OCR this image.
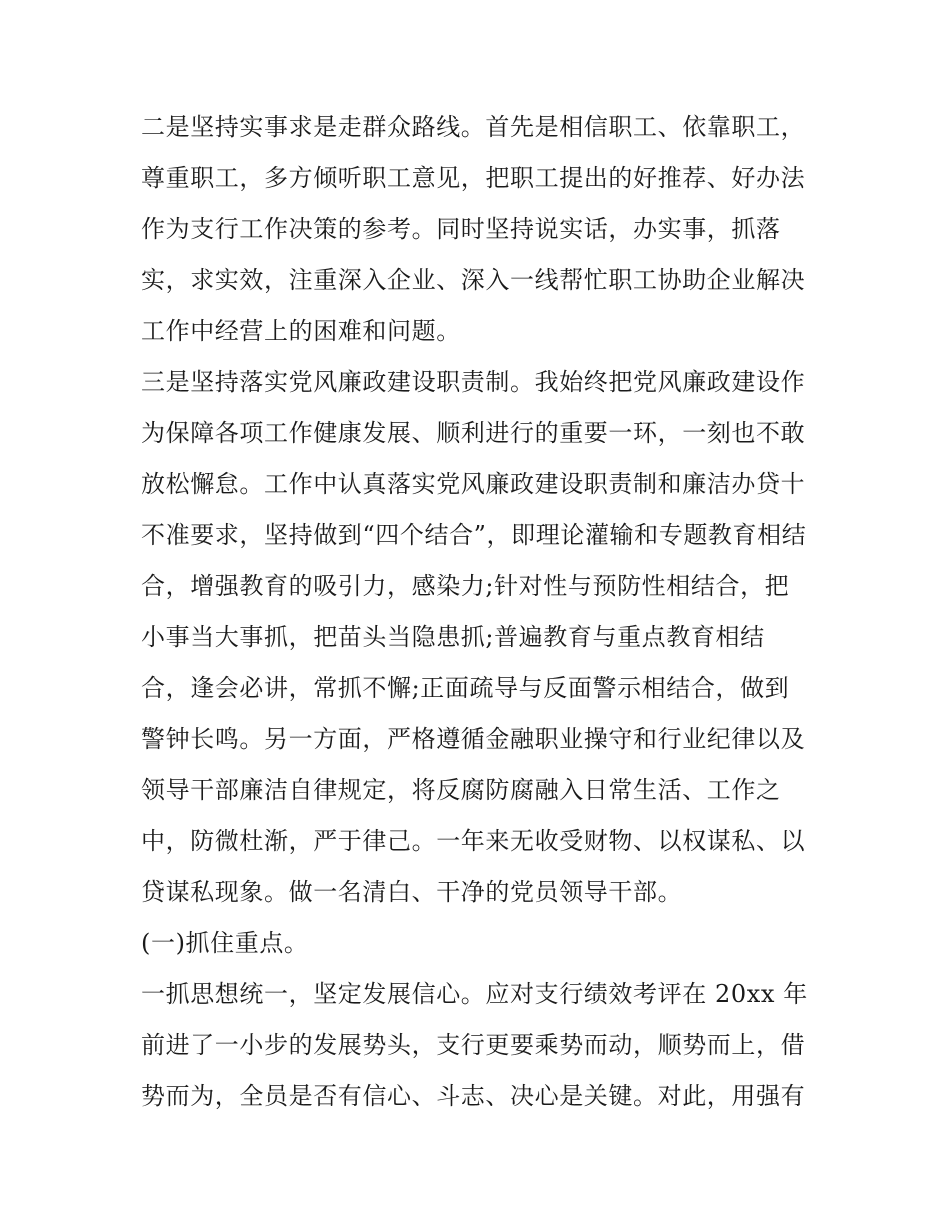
二是坚持实事求是走群众路线。首先是相信职工、依靠职工，
尊重职工，多方倾听职工意见，把职工提出的好推荐、好办法
作为支行工作决策的参考。同时坚持说实话，办实事，抓落
实，求实效，注重深入企业、深入一线帮忙职工协助企业解决
工作中经营上的困难和问题。
三是坚持落实党风廉政建设职责制。我始终把党风廉政建设作
为保障各项工作健康发展、顺利进行的重要一环，一刻也不敢
放松懈怠。工作中认真落实党风廉政建设职责制和廉洁办贷十
不准要求，坚持做到“四个结合”，即理论灌输和专题教育相结
合，增强教育的吸引力，感染力;针对性与预防性相结合，把
小事当大事抓，把苗头当隐患抓;普遍教育与重点教育相结
合，逢会必讲，常抓不懈;正面疏导与反面警示相结合，做到
警钟长鸣。另一方面，严格遵循金融职业操守和行业纪律以及
领导干部廉洁自律规定，将反腐防腐融入日常生活、工作之
中，防微杜渐，严于律己。一年来无收受财物、以权谋私、以
贷谋私现象。做一名清白、干净的党员领导干部。
(一)抓住重点。
一抓思想统一，坚定发展信心。应对支行绩效考评在 20xx 年
前进了一小步的发展势头，支行更要乘势而动，顺势而上，借
势而为，全员是否有信心、斗志、决心是关键。对此，用强有
